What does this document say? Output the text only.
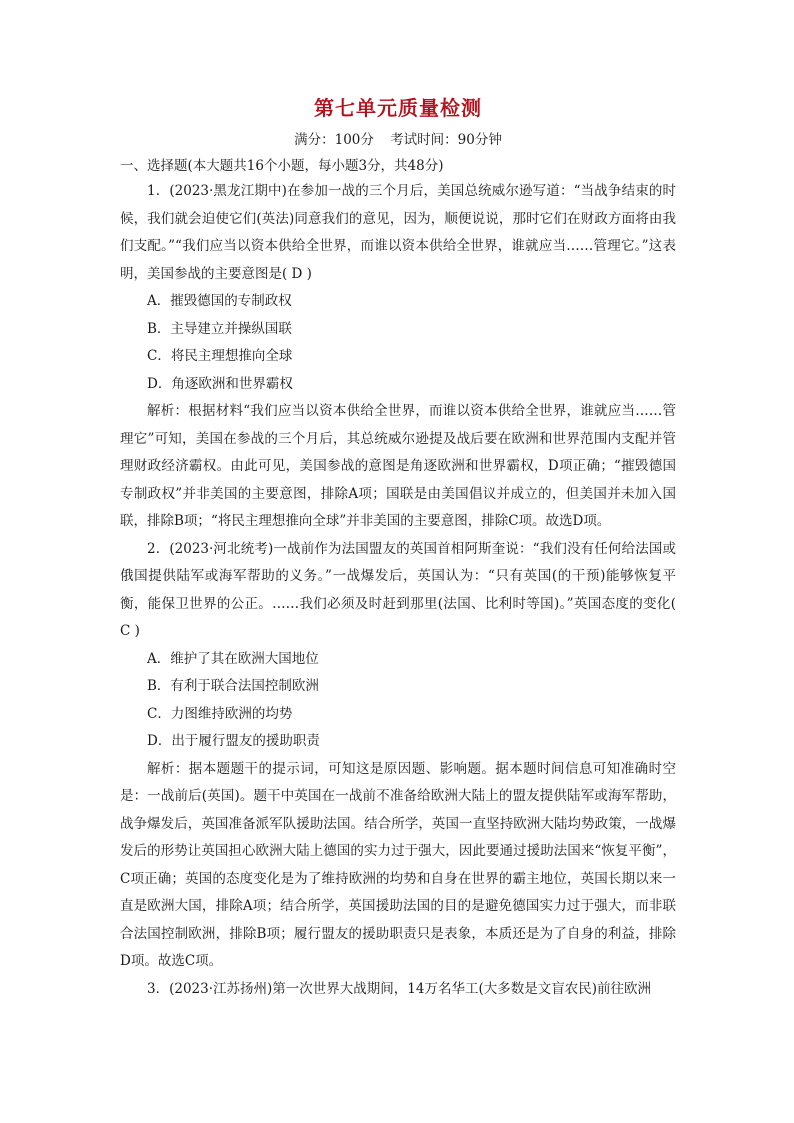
第七单元质量检测
满分：100分 考试时间：90分钟
一、选择题(本大题共16个小题，每小题3分，共48分)

1．(2023·黑龙江期中)在参加一战的三个月后，美国总统威尔逊写道：“当战争结束的时候，我们就会迫使它们(英法)同意我们的意见，因为，顺便说说，那时它们在财政方面将由我们支配。”“我们应当以资本供给全世界，而谁以资本供给全世界，谁就应当……管理它。”这表明，美国参战的主要意图是( D )

A．摧毁德国的专制政权
B．主导建立并操纵国联
C．将民主理想推向全球
D．角逐欧洲和世界霸权

解析：根据材料“我们应当以资本供给全世界，而谁以资本供给全世界，谁就应当……管理它”可知，美国在参战的三个月后，其总统威尔逊提及战后要在欧洲和世界范围内支配并管理财政经济霸权。由此可见，美国参战的意图是角逐欧洲和世界霸权，D项正确；“摧毁德国专制政权”并非美国的主要意图，排除A项；国联是由美国倡议并成立的，但美国并未加入国联，排除B项；“将民主理想推向全球”并非美国的主要意图，排除C项。故选D项。

2．(2023·河北统考)一战前作为法国盟友的英国首相阿斯奎说：“我们没有任何给法国或俄国提供陆军或海军帮助的义务。”一战爆发后，英国认为：“只有英国(的干预)能够恢复平衡，能保卫世界的公正。……我们必须及时赶到那里(法国、比利时等国)。”英国态度的变化( C )

A．维护了其在欧洲大国地位
B．有利于联合法国控制欧洲
C．力图维持欧洲的均势
D．出于履行盟友的援助职责

解析：据本题题干的提示词，可知这是原因题、影响题。据本题时间信息可知准确时空是：一战前后(英国)。题干中英国在一战前不准备给欧洲大陆上的盟友提供陆军或海军帮助，战争爆发后，英国准备派军队援助法国。结合所学，英国一直坚持欧洲大陆均势政策，一战爆发后的形势让英国担心欧洲大陆上德国的实力过于强大，因此要通过援助法国来“恢复平衡”，C项正确；英国的态度变化是为了维持欧洲的均势和自身在世界的霸主地位，英国长期以来一直是欧洲大国，排除A项；结合所学，英国援助法国的目的是避免德国实力过于强大，而非联合法国控制欧洲，排除B项；履行盟友的援助职责只是表象，本质还是为了自身的利益，排除D项。故选C项。

3．(2023·江苏扬州)第一次世界大战期间，14万名华工(大多数是文盲农民)前往欧洲
